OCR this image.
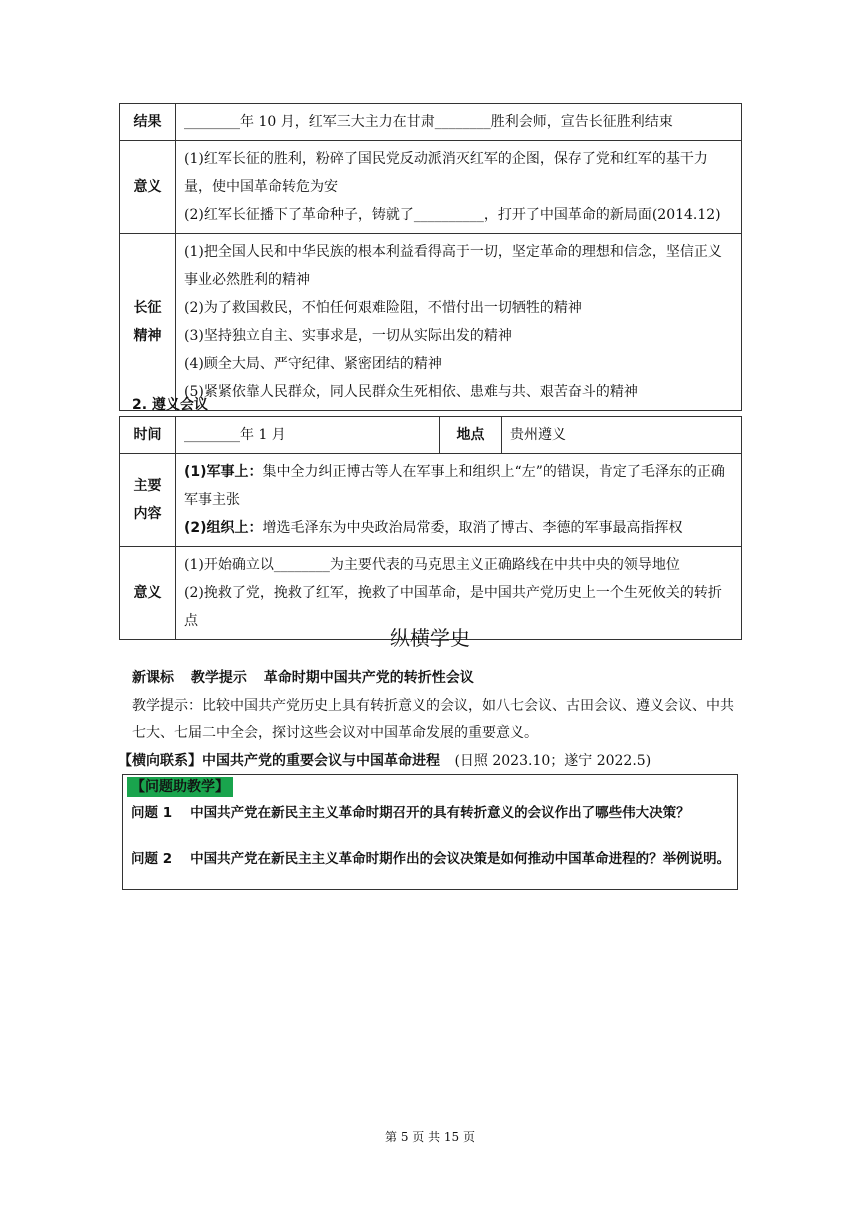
结果	________年 10 月，红军三大主力在甘肃________胜利会师，宣告长征胜利结束
意义	(1)红军长征的胜利，粉碎了国民党反动派消灭红军的企图，保存了党和红军的基干力量，使中国革命转危为安
(2)红军长征播下了革命种子，铸就了__________，打开了中国革命的新局面(2014.12)

长征
精神	(1)把全国人民和中华民族的根本利益看得高于一切，坚定革命的理想和信念，坚信正义事业必然胜利的精神
(2)为了救国救民，不怕任何艰难险阻，不惜付出一切牺牲的精神
(3)坚持独立自主、实事求是，一切从实际出发的精神
(4)顾全大局、严守纪律、紧密团结的精神
(5)紧紧依靠人民群众，同人民群众生死相依、患难与共、艰苦奋斗的精神
2. 遵义会议
时间	________年 1 月	地点	贵州遵义

主要
内容	(1)军事上：集中全力纠正博古等人在军事上和组织上“左”的错误，肯定了毛泽东的正确军事主张
(2)组织上：增选毛泽东为中央政治局常委，取消了博古、李德的军事最高指挥权		

意义	(1)开始确立以________为主要代表的马克思主义正确路线在中共中央的领导地位
(2)挽救了党，挽救了红军，挽救了中国革命，是中国共产党历史上一个生死攸关的转折点		
纵横学史
新课标 教学提示 革命时期中国共产党的转折性会议
教学提示：比较中国共产党历史上具有转折意义的会议，如八七会议、古田会议、遵义会议、中共七大、七届二中全会，探讨这些会议对中国革命发展的重要意义。
【横向联系】中国共产党的重要会议与中国革命进程 (日照 2023.10；遂宁 2022.5)
【问题助教学】
问题 1 中国共产党在新民主主义革命时期召开的具有转折意义的会议作出了哪些伟大决策？
问题 2 中国共产党在新民主主义革命时期作出的会议决策是如何推动中国革命进程的？举例说明。
第 5 页 共 15 页
